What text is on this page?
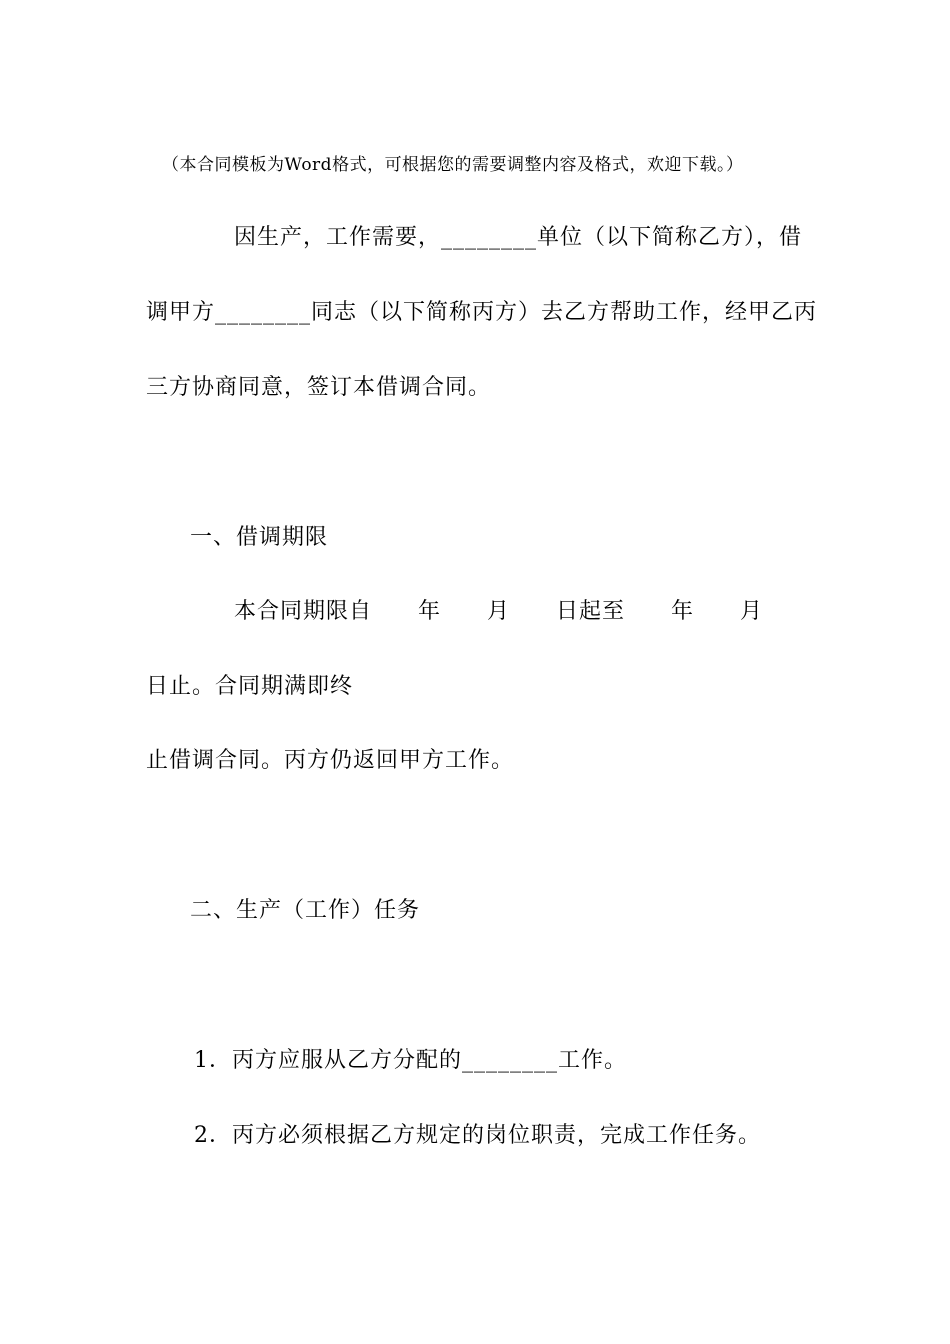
（本合同模板为Word格式，可根据您的需要调整内容及格式，欢迎下载。）
因生产，工作需要，________单位（以下简称乙方），借
调甲方________同志（以下简称丙方）去乙方帮助工作，经甲乙丙
三方协商同意，签订本借调合同。
一、借调期限
本合同期限自　　年　　月　　日起至　　年　　月
日止。合同期满即终
止借调合同。丙方仍返回甲方工作。
二、生产（工作）任务
1．丙方应服从乙方分配的________工作。
2．丙方必须根据乙方规定的岗位职责，完成工作任务。
